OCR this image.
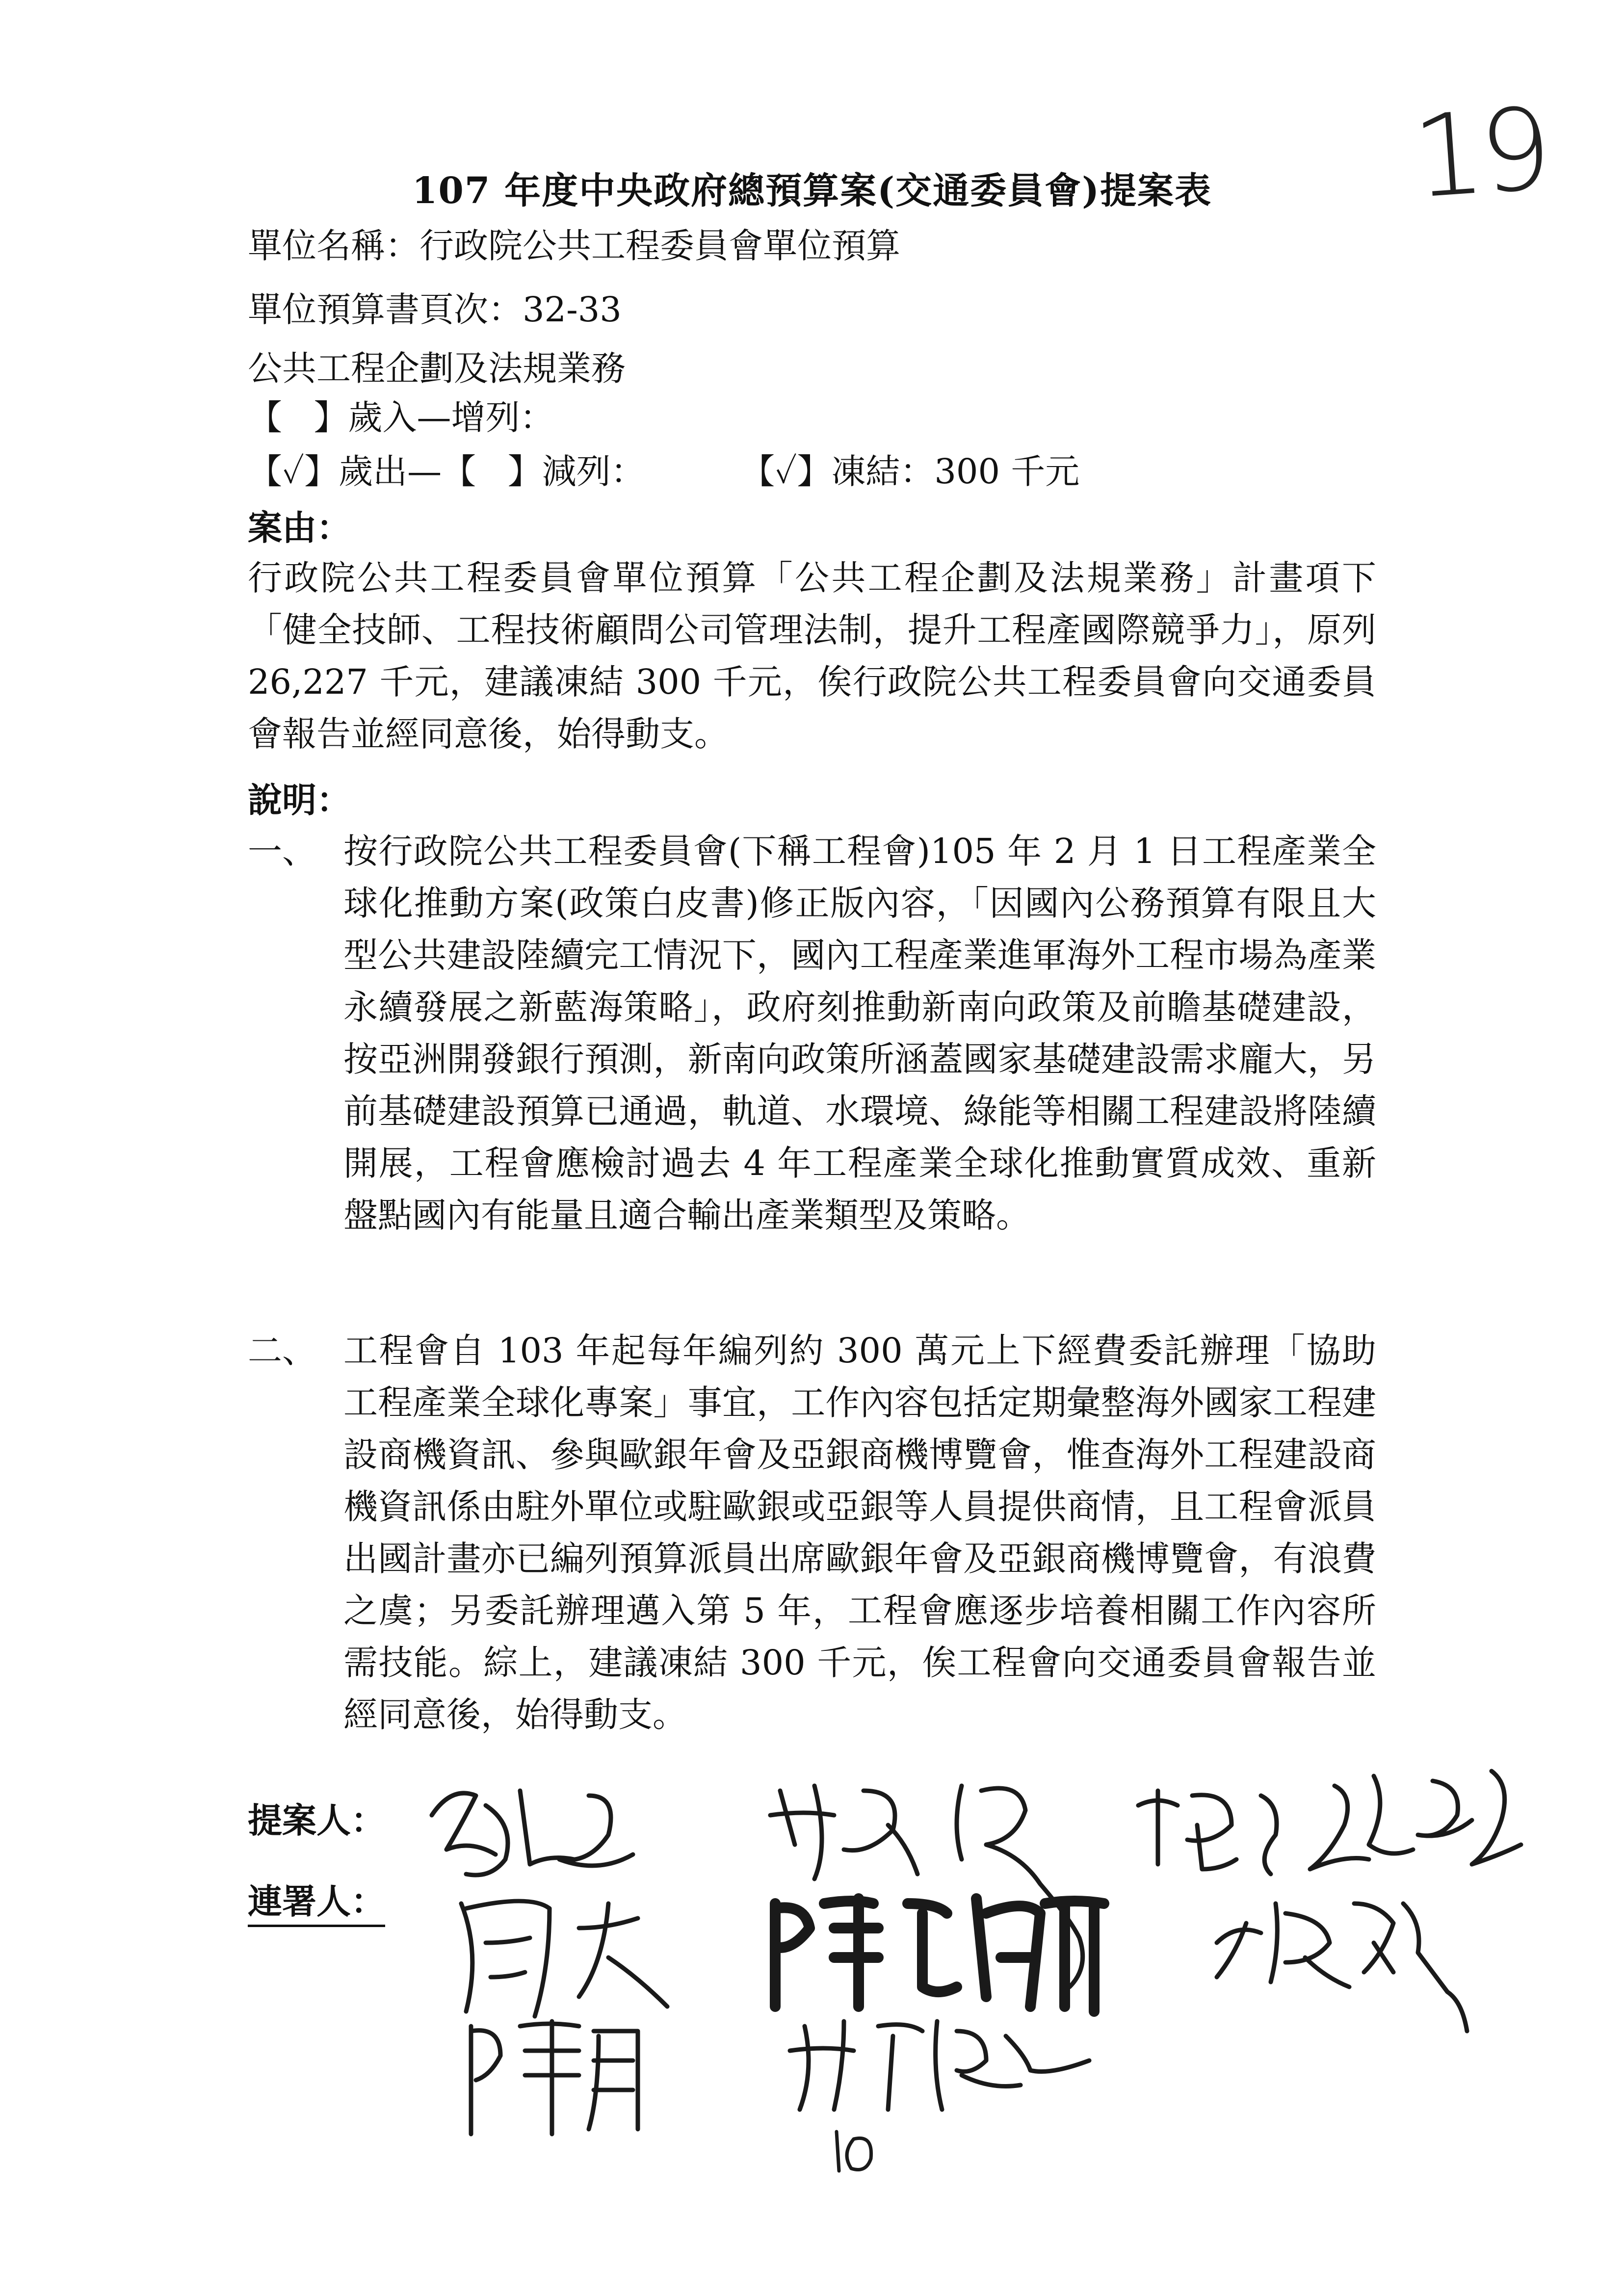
19
107 年度中央政府總預算案(交通委員會)提案表
單位名稱：行政院公共工程委員會單位預算
單位預算書頁次：32-33
公共工程企劃及法規業務
【 】歲入—增列：
【✓】歲出—【 】減列：	【✓】凍結：300 千元
案由：
行政院公共工程委員會單位預算「公共工程企劃及法規業務」計畫項下「健全技師、工程技術顧問公司管理法制，提升工程產國際競爭力」，原列 26,227 千元，建議凍結 300 千元，俟行政院公共工程委員會向交通委員會報告並經同意後，始得動支。
說明：
一、 按行政院公共工程委員會(下稱工程會)105 年 2 月 1 日工程產業全球化推動方案(政策白皮書)修正版內容，「因國內公務預算有限且大型公共建設陸續完工情況下，國內工程產業進軍海外工程市場為產業永續發展之新藍海策略」，政府刻推動新南向政策及前瞻基礎建設，按亞洲開發銀行預測，新南向政策所涵蓋國家基礎建設需求龐大，另前基礎建設預算已通過，軌道、水環境、綠能等相關工程建設將陸續開展，工程會應檢討過去 4 年工程產業全球化推動實質成效、重新盤點國內有能量且適合輸出產業類型及策略。
二、 工程會自 103 年起每年編列約 300 萬元上下經費委託辦理「協助工程產業全球化專案」事宜，工作內容包括定期彙整海外國家工程建設商機資訊、參與歐銀年會及亞銀商機博覽會，惟查海外工程建設商機資訊係由駐外單位或駐歐銀或亞銀等人員提供商情，且工程會派員出國計畫亦已編列預算派員出席歐銀年會及亞銀商機博覽會，有浪費之虞；另委託辦理邁入第 5 年，工程會應逐步培養相關工作內容所需技能。綜上，建議凍結 300 千元，俟工程會向交通委員會報告並經同意後，始得動支。
提案人：
連署人：
